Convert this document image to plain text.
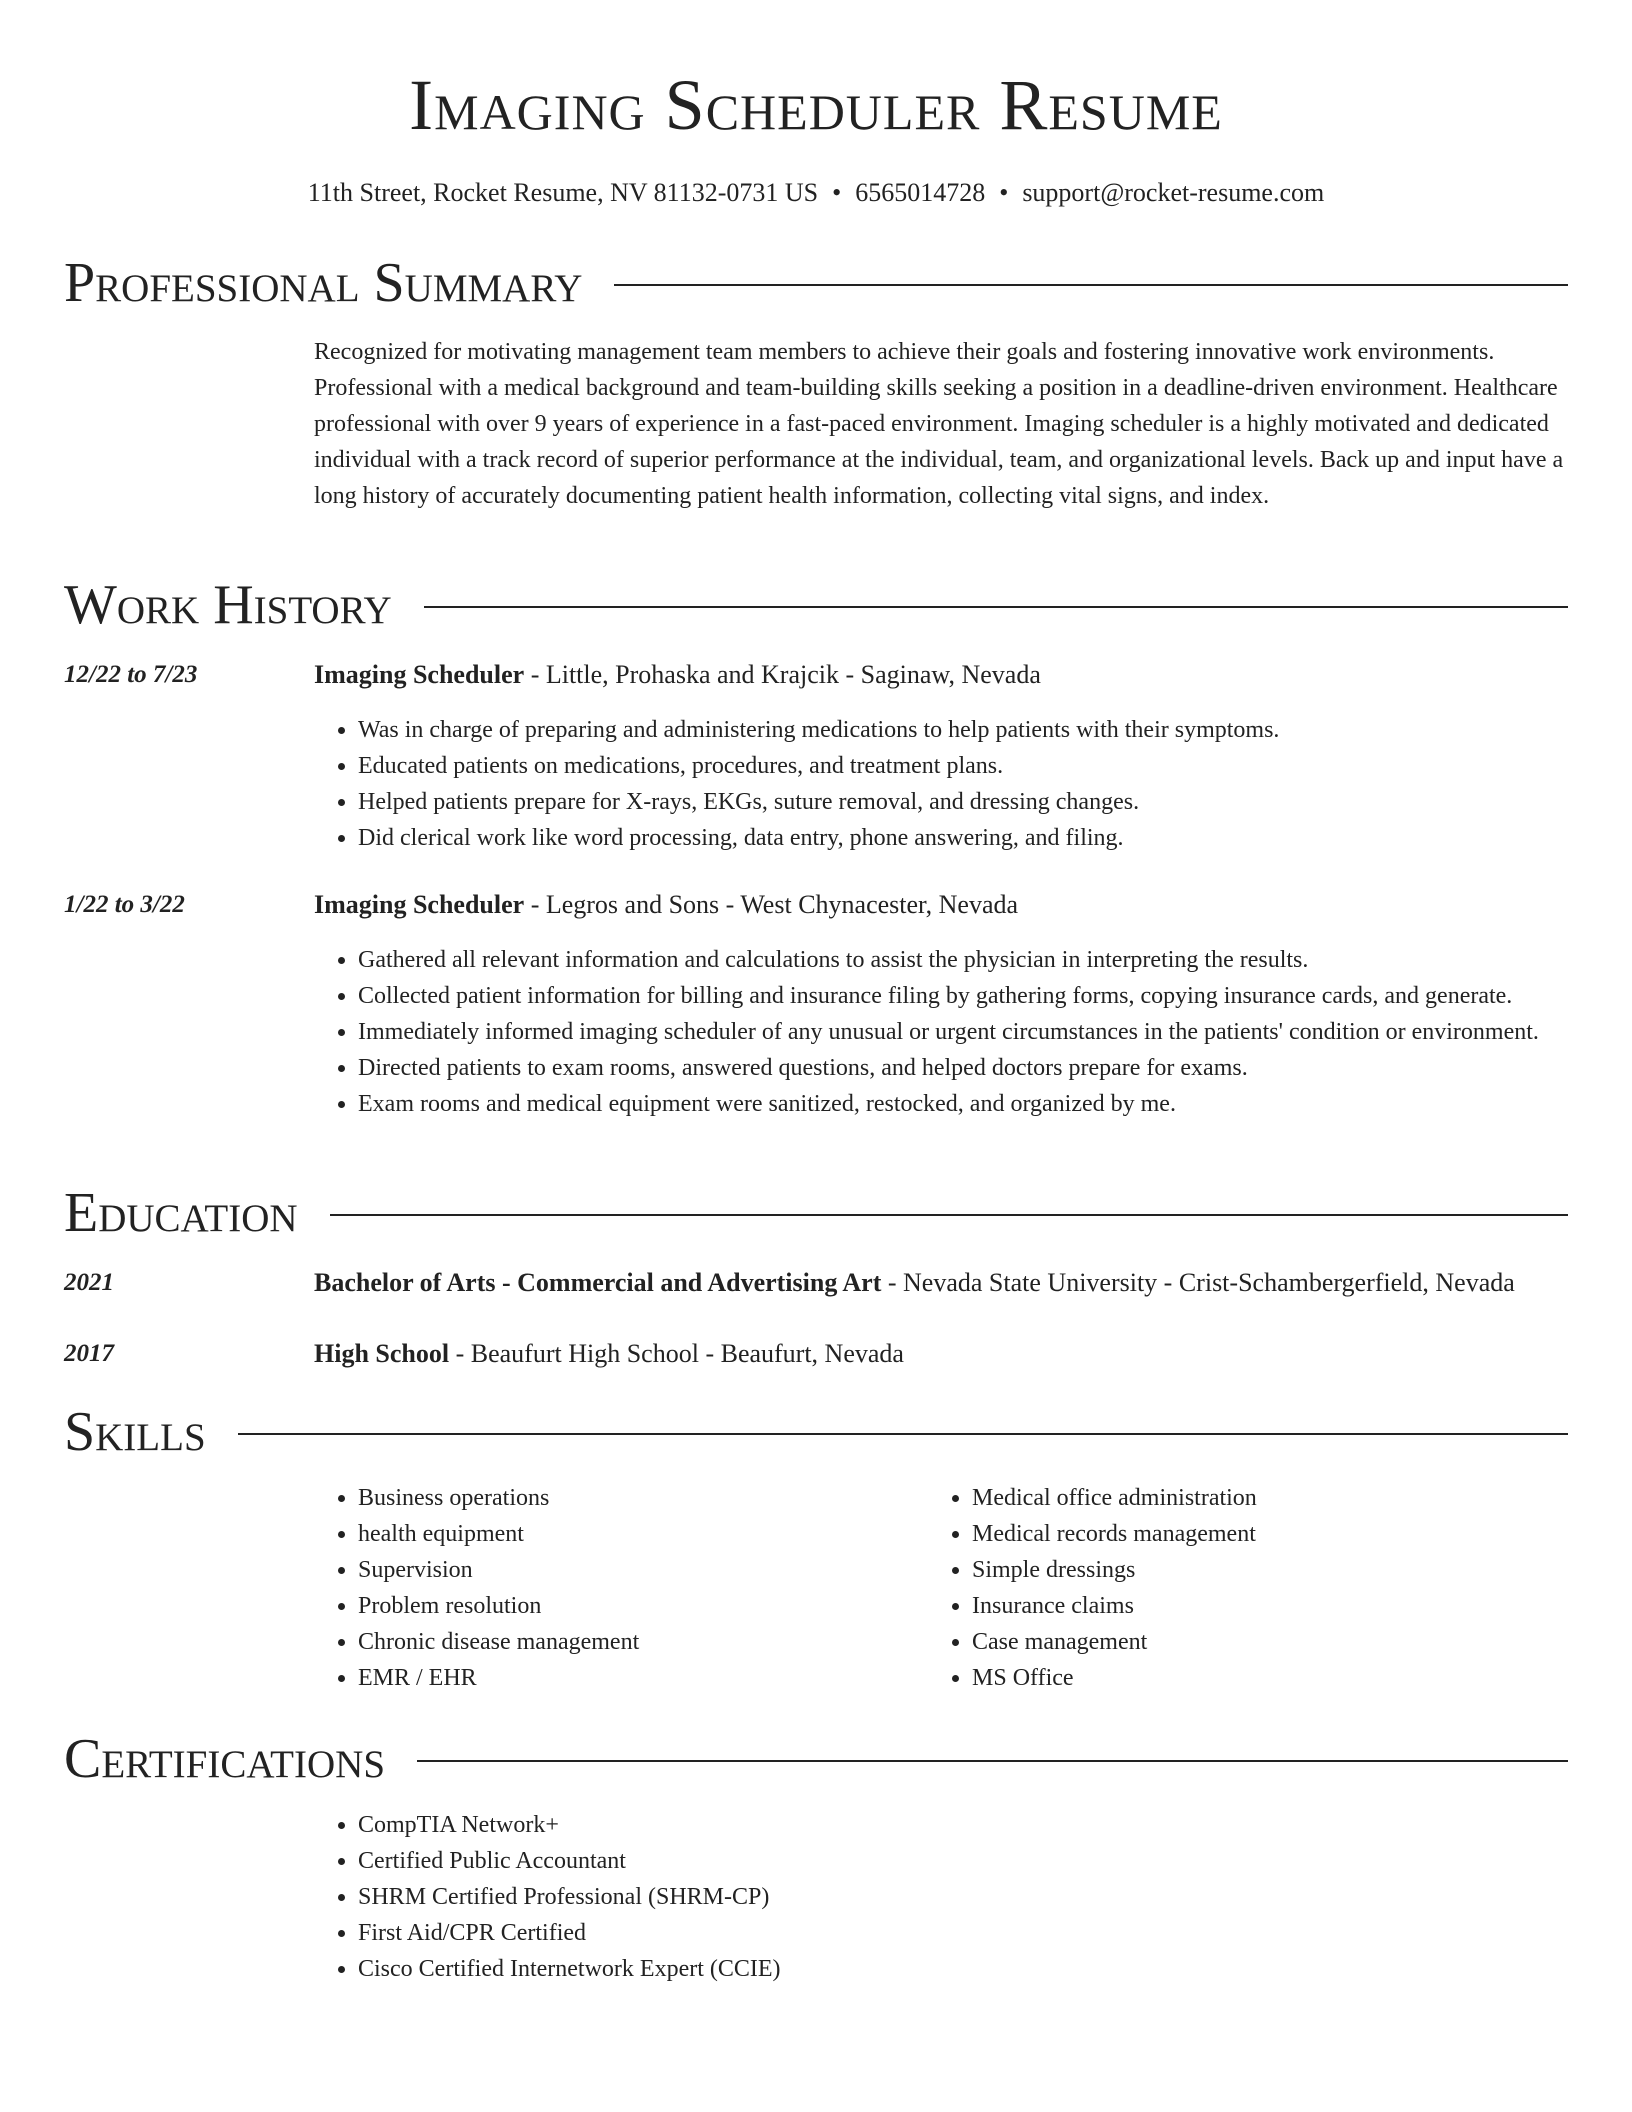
Imaging Scheduler Resume
11th Street, Rocket Resume, NV 81132-0731 US • 6565014728 • support@rocket-resume.com
Professional Summary

Recognized for motivating management team members to achieve their goals and fostering innovative work environments. Professional with a medical background and team-building skills seeking a position in a deadline-driven environment. Healthcare professional with over 9 years of experience in a fast-paced environment. Imaging scheduler is a highly motivated and dedicated individual with a track record of superior performance at the individual, team, and organizational levels. Back up and input have a long history of accurately documenting patient health information, collecting vital signs, and index.

Work History
12/22 to 7/23	Imaging Scheduler - Little, Prohaska and Krajcik - Saginaw, Nevada
• Was in charge of preparing and administering medications to help patients with their symptoms.
• Educated patients on medications, procedures, and treatment plans.
• Helped patients prepare for X-rays, EKGs, suture removal, and dressing changes.
• Did clerical work like word processing, data entry, phone answering, and filing.
1/22 to 3/22	Imaging Scheduler - Legros and Sons - West Chynacester, Nevada
• Gathered all relevant information and calculations to assist the physician in interpreting the results.
• Collected patient information for billing and insurance filing by gathering forms, copying insurance cards, and generate.
• Immediately informed imaging scheduler of any unusual or urgent circumstances in the patients' condition or environment.
• Directed patients to exam rooms, answered questions, and helped doctors prepare for exams.
• Exam rooms and medical equipment were sanitized, restocked, and organized by me.
Education
2021	Bachelor of Arts - Commercial and Advertising Art - Nevada State University - Crist-Schambergerfield, Nevada
2017	High School - Beaufurt High School - Beaufurt, Nevada
Skills
• Business operations
• health equipment
• Supervision
• Problem resolution
• Chronic disease management
• EMR / EHR
• Medical office administration
• Medical records management
• Simple dressings
• Insurance claims
• Case management
• MS Office
Certifications
• CompTIA Network+
• Certified Public Accountant
• SHRM Certified Professional (SHRM-CP)
• First Aid/CPR Certified
• Cisco Certified Internetwork Expert (CCIE)
